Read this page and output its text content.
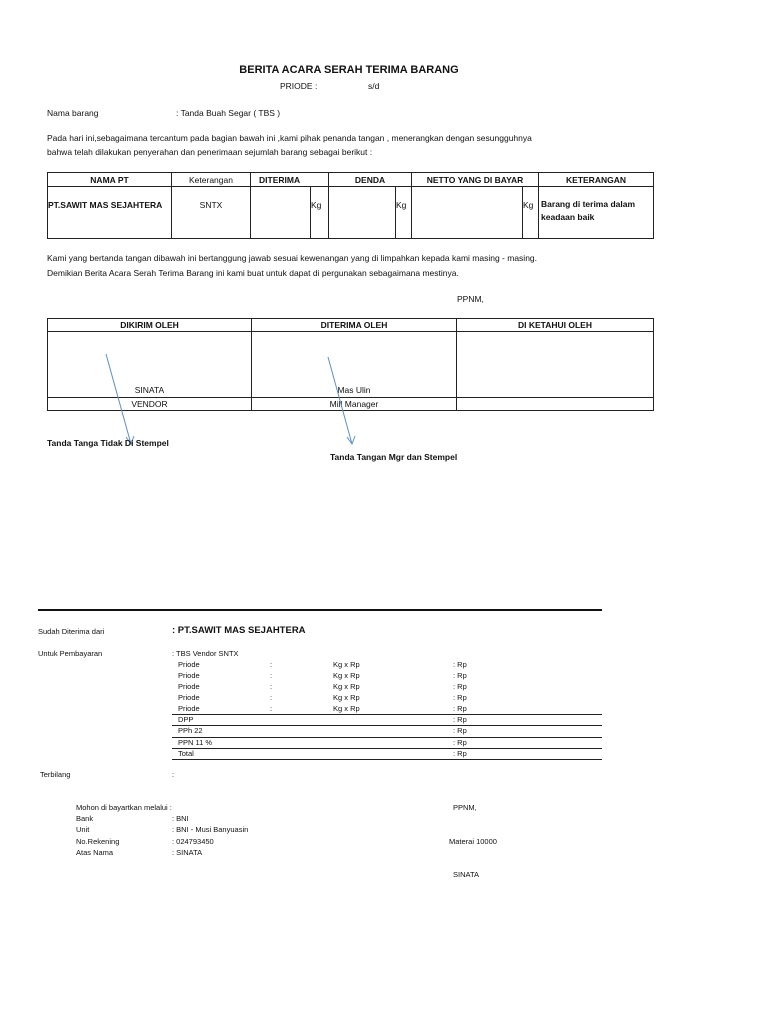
BERITA ACARA SERAH TERIMA BARANG
PRIODE :	s/d
Nama barang	: Tanda Buah Segar ( TBS )
Pada hari ini,sebagaimana tercantum pada bagian bawah ini ,kami pihak penanda tangan , menerangkan dengan sesungguhnya
bahwa telah dilakukan penyerahan dan penerimaan sejumlah barang sebagai berikut :
NAMA PT	Keterangan	DITERIMA		DENDA		NETTO YANG DI BAYAR		KETERANGAN
PT.SAWIT MAS SEJAHTERA	SNTX		Kg		Kg		Kg	Barang di terima dalam
keadaan baik
Kami yang bertanda tangan dibawah ini bertanggung jawab sesuai kewenangan yang di limpahkan kepada kami masing - masing.
Demikian Berita Acara Serah Terima Barang ini kami buat untuk dapat di pergunakan sebagaimana mestinya.
PPNM,
DIKIRIM OLEH	DITERIMA OLEH	DI KETAHUI OLEH
SINATA	Mas Ulin	
VENDOR	Mill Manager	
Tanda Tanga Tidak Di Stempel
Tanda Tangan Mgr dan Stempel
Sudah Diterima dari	: PT.SAWIT MAS SEJAHTERA
Untuk Pembayaran	: TBS Vendor SNTX
Priode	:	Kg x Rp	: Rp
Priode	:	Kg x Rp	: Rp
Priode	:	Kg x Rp	: Rp
Priode	:	Kg x Rp	: Rp
Priode	:	Kg x Rp	: Rp
DPP	: Rp
PPh 22	: Rp
PPN 11 %	: Rp
Total	: Rp
Terbilang	:
Mohon di bayartkan melalui :
Bank	: BNI
Unit	: BNI - Musi Banyuasin
No.Rekening	: 024793450
Atas Nama	: SINATA
PPNM,
Materai 10000
SINATA
